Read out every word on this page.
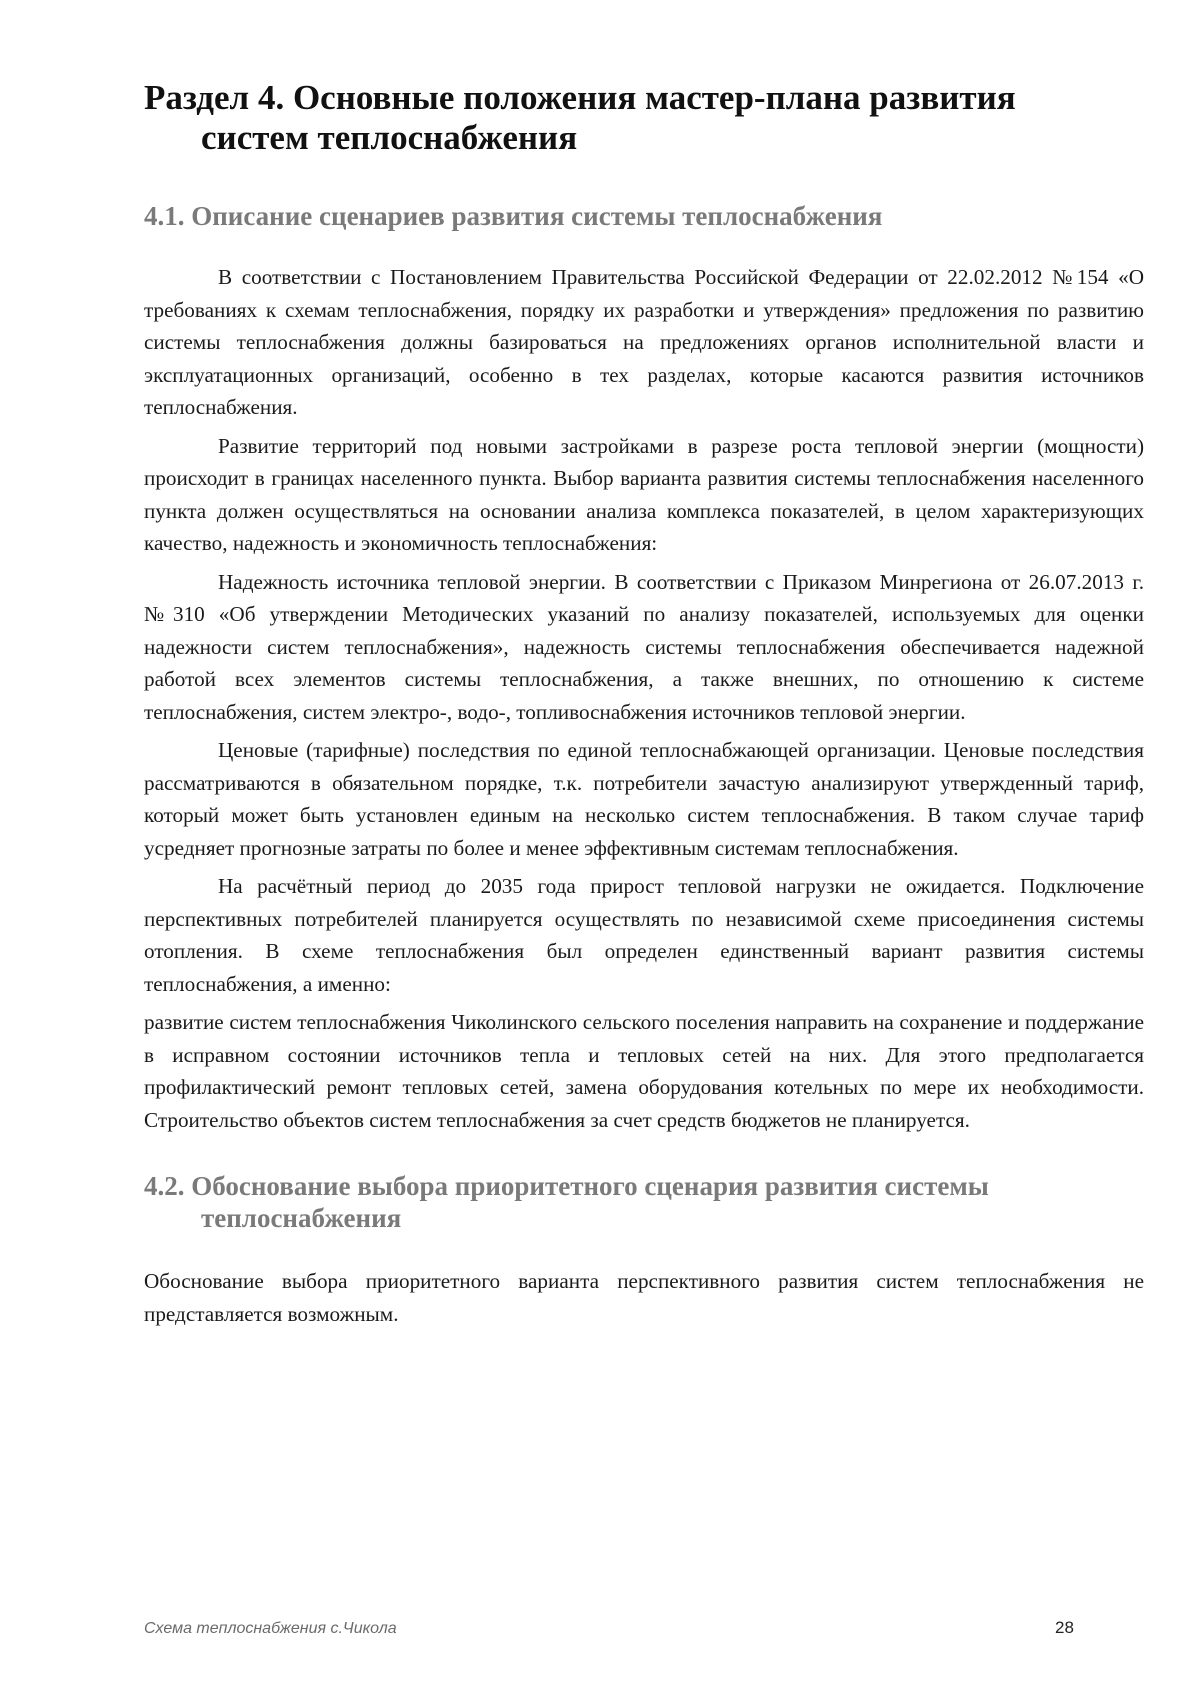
Раздел 4. Основные положения мастер-плана развития
систем теплоснабжения
4.1. Описание сценариев развития системы теплоснабжения

В соответствии с Постановлением Правительства Российской Федерации от 22.02.2012 №154 «О требованиях к схемам теплоснабжения, порядку их разработки и утверждения» предложения по развитию системы теплоснабжения должны базироваться на предложениях органов исполнительной власти и эксплуатационных организаций, особенно в тех разделах, которые касаются развития источников теплоснабжения.

Развитие территорий под новыми застройками в разрезе роста тепловой энергии (мощности) происходит в границах населенного пункта. Выбор варианта развития системы теплоснабжения населенного пункта должен осуществляться на основании анализа комплекса показателей, в целом характеризующих качество, надежность и экономичность теплоснабжения:

Надежность источника тепловой энергии. В соответствии с Приказом Минрегиона от 26.07.2013 г. №310 «Об утверждении Методических указаний по анализу показателей, используемых для оценки надежности систем теплоснабжения», надежность системы теплоснабжения обеспечивается надежной работой всех элементов системы теплоснабжения, а также внешних, по отношению к системе теплоснабжения, систем электро-, водо-, топливоснабжения источников тепловой энергии.

Ценовые (тарифные) последствия по единой теплоснабжающей организации. Ценовые последствия рассматриваются в обязательном порядке, т.к. потребители зачастую анализируют утвержденный тариф, который может быть установлен единым на несколько систем теплоснабжения. В таком случае тариф усредняет прогнозные затраты по более и менее эффективным системам теплоснабжения.

На расчётный период до 2035 года прирост тепловой нагрузки не ожидается. Подключение перспективных потребителей планируется осуществлять по независимой схеме присоединения системы отопления. В схеме теплоснабжения был определен единственный вариант развития системы теплоснабжения, а именно:

развитие систем теплоснабжения Чиколинского сельского поселения направить на сохранение и поддержание в исправном состоянии источников тепла и тепловых сетей на них. Для этого предполагается профилактический ремонт тепловых сетей, замена оборудования котельных по мере их необходимости. Строительство объектов систем теплоснабжения за счет средств бюджетов не планируется.

4.2. Обоснование выбора приоритетного сценария развития системы
теплоснабжения

Обоснование выбора приоритетного варианта перспективного развития систем теплоснабжения не представляется возможным.

Схема теплоснабжения с.Чикола	28
